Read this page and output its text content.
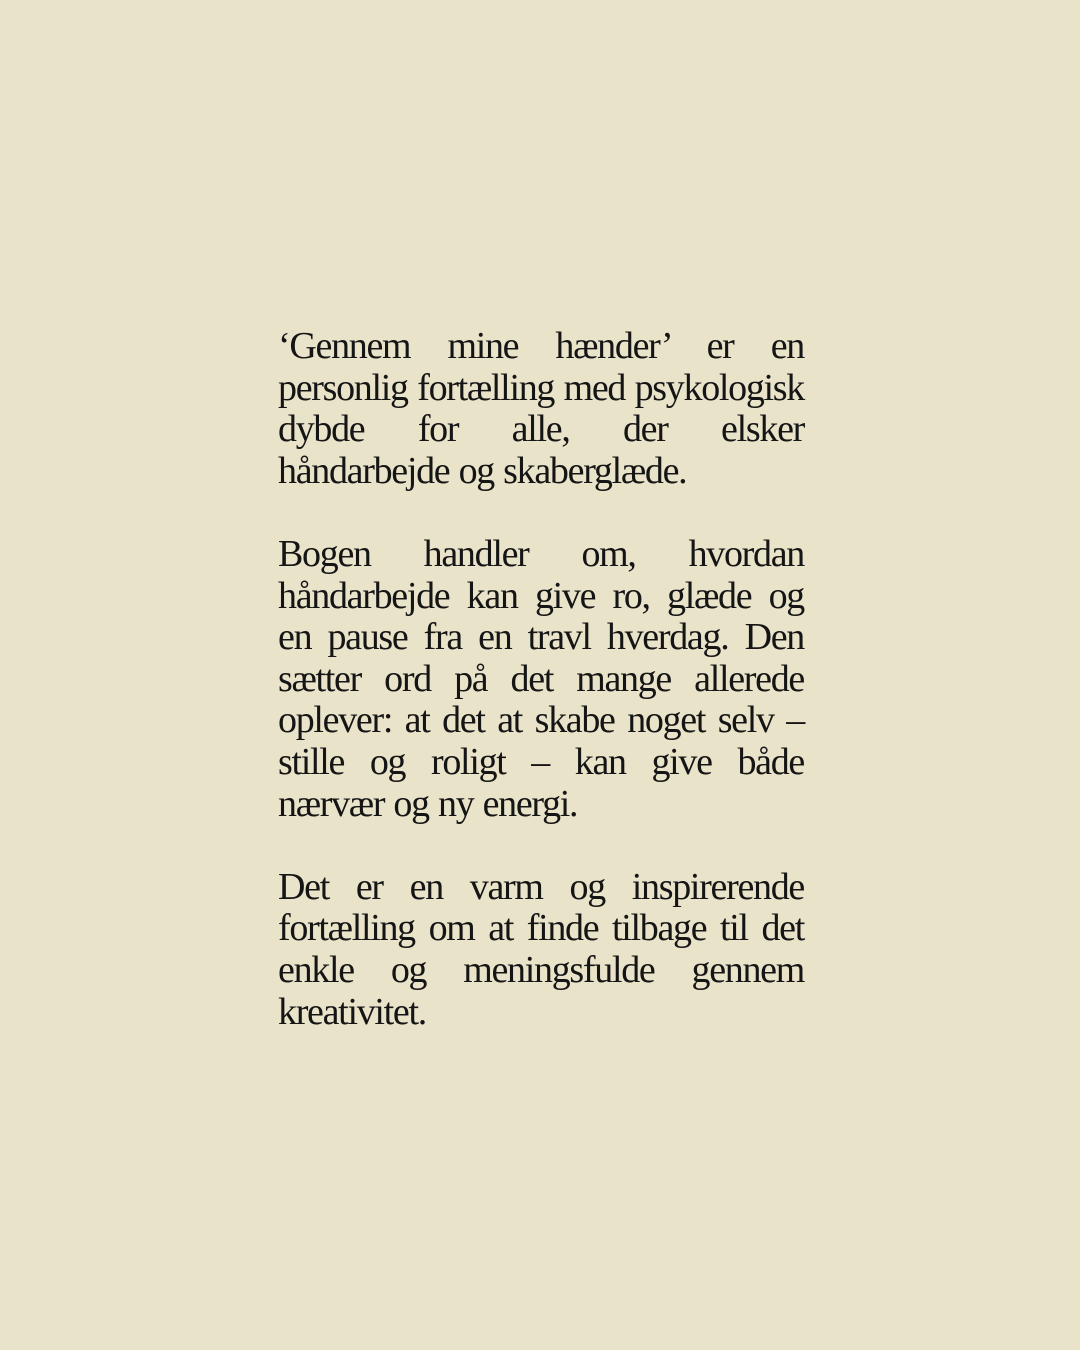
‘Gennem mine hænder’ er en personlig fortælling med psykologisk dybde for alle, der elsker håndarbejde og skaberglæde.

Bogen handler om, hvordan håndarbejde kan give ro, glæde og en pause fra en travl hverdag. Den sætter ord på det mange allerede oplever: at det at skabe noget selv – stille og roligt – kan give både nærvær og ny energi.

Det er en varm og inspirerende fortælling om at finde tilbage til det enkle og meningsfulde gennem kreativitet.
